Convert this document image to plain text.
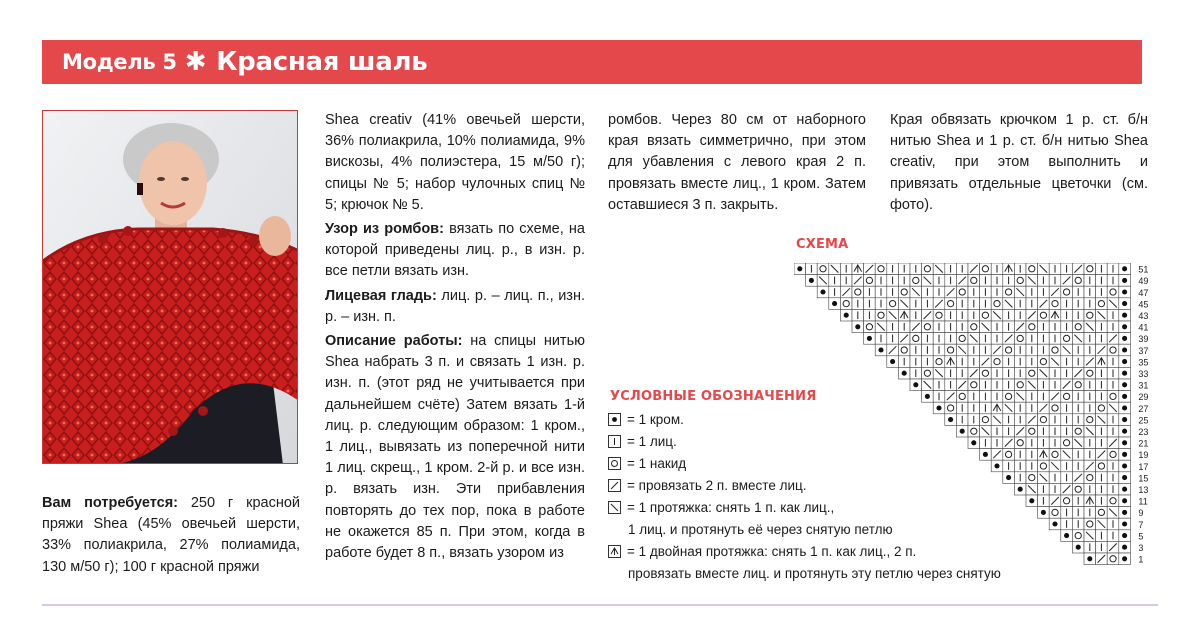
Модель 5 ✱ Красная шаль

Вам потребуется: 250 г красной пряжи Shea (45% овечьей шерсти, 33% полиакрила, 27% полиамида, 130 м/50 г); 100 г красной пряжи

Shea creativ (41% овечьей шерсти, 36% полиакрила, 10% полиамида, 9% вискозы, 4% полиэстера, 15 м/50 г); спицы № 5; набор чулочных спиц № 5; крючок № 5.

Узор из ромбов: вязать по схеме, на которой приведены лиц. р., в изн. р. все петли вязать изн.

Лицевая гладь: лиц. р. – лиц. п., изн. р. – изн. п.

Описание работы: на спицы нитью Shea набрать 3 п. и связать 1 изн. р. изн. п. (этот ряд не учитывается при дальнейшем счёте) Затем вязать 1-й лиц. р. следующим образом: 1 кром., 1 лиц., вывязать из поперечной нити 1 лиц. скрещ., 1 кром. 2-й р. и все изн. р. вязать изн. Эти прибавления повторять до тех пор, пока в работе не окажется 85 п. При этом, когда в работе будет 8 п., вязать узором из

ромбов. Через 80 см от наборного края вязать симметрично, при этом для убавления с левого края 2 п. провязать вместе лиц., 1 кром. Затем оставшиеся 3 п. закрыть.

Края обвязать крючком 1 р. ст. б/н нитью Shea и 1 р. ст. б/н нитью Shea creativ, при этом выполнить и привязать отдельные цветочки (см. фото).

СХЕМА
51
49
47
45
43
41
39
37
35
33
31
29
27
25
23
21
19
17
15
13
11
9
7
5
3
1
УСЛОВНЫЕ ОБОЗНАЧЕНИЯ
= 1 кром.
= 1 лиц.
= 1 накид
= провязать 2 п. вместе лиц.
= 1 протяжка: снять 1 п. как лиц.,
1 лиц. и протянуть её через снятую петлю
= 1 двойная протяжка: снять 1 п. как лиц., 2 п.
провязать вместе лиц. и протянуть эту петлю через снятую
